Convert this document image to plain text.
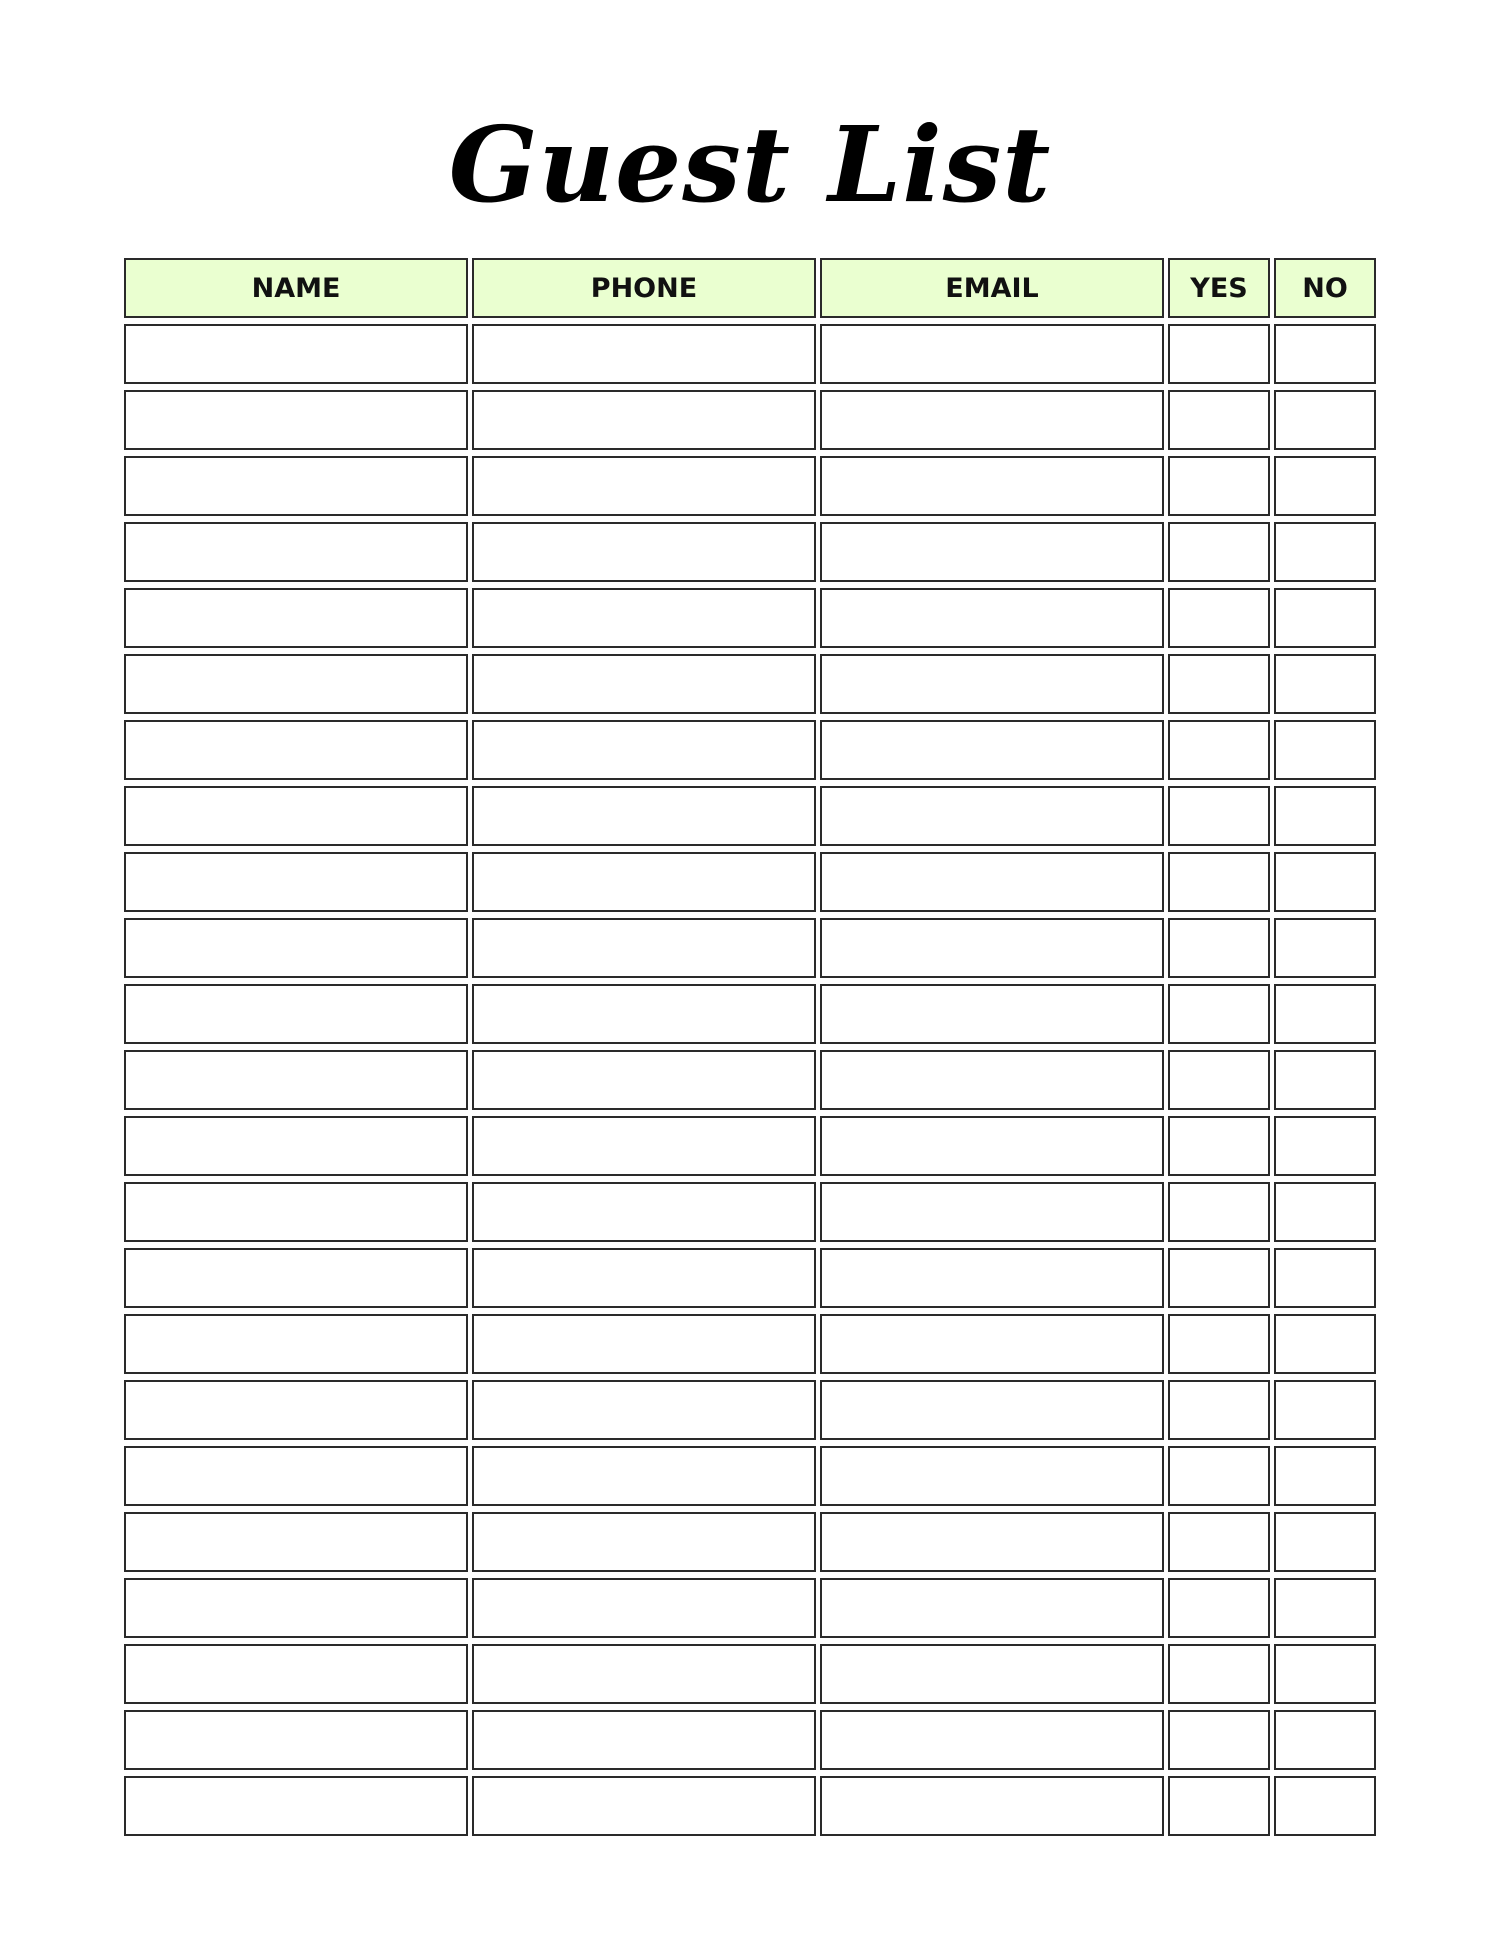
Guest List
NAME	PHONE	EMAIL	YES	NO
